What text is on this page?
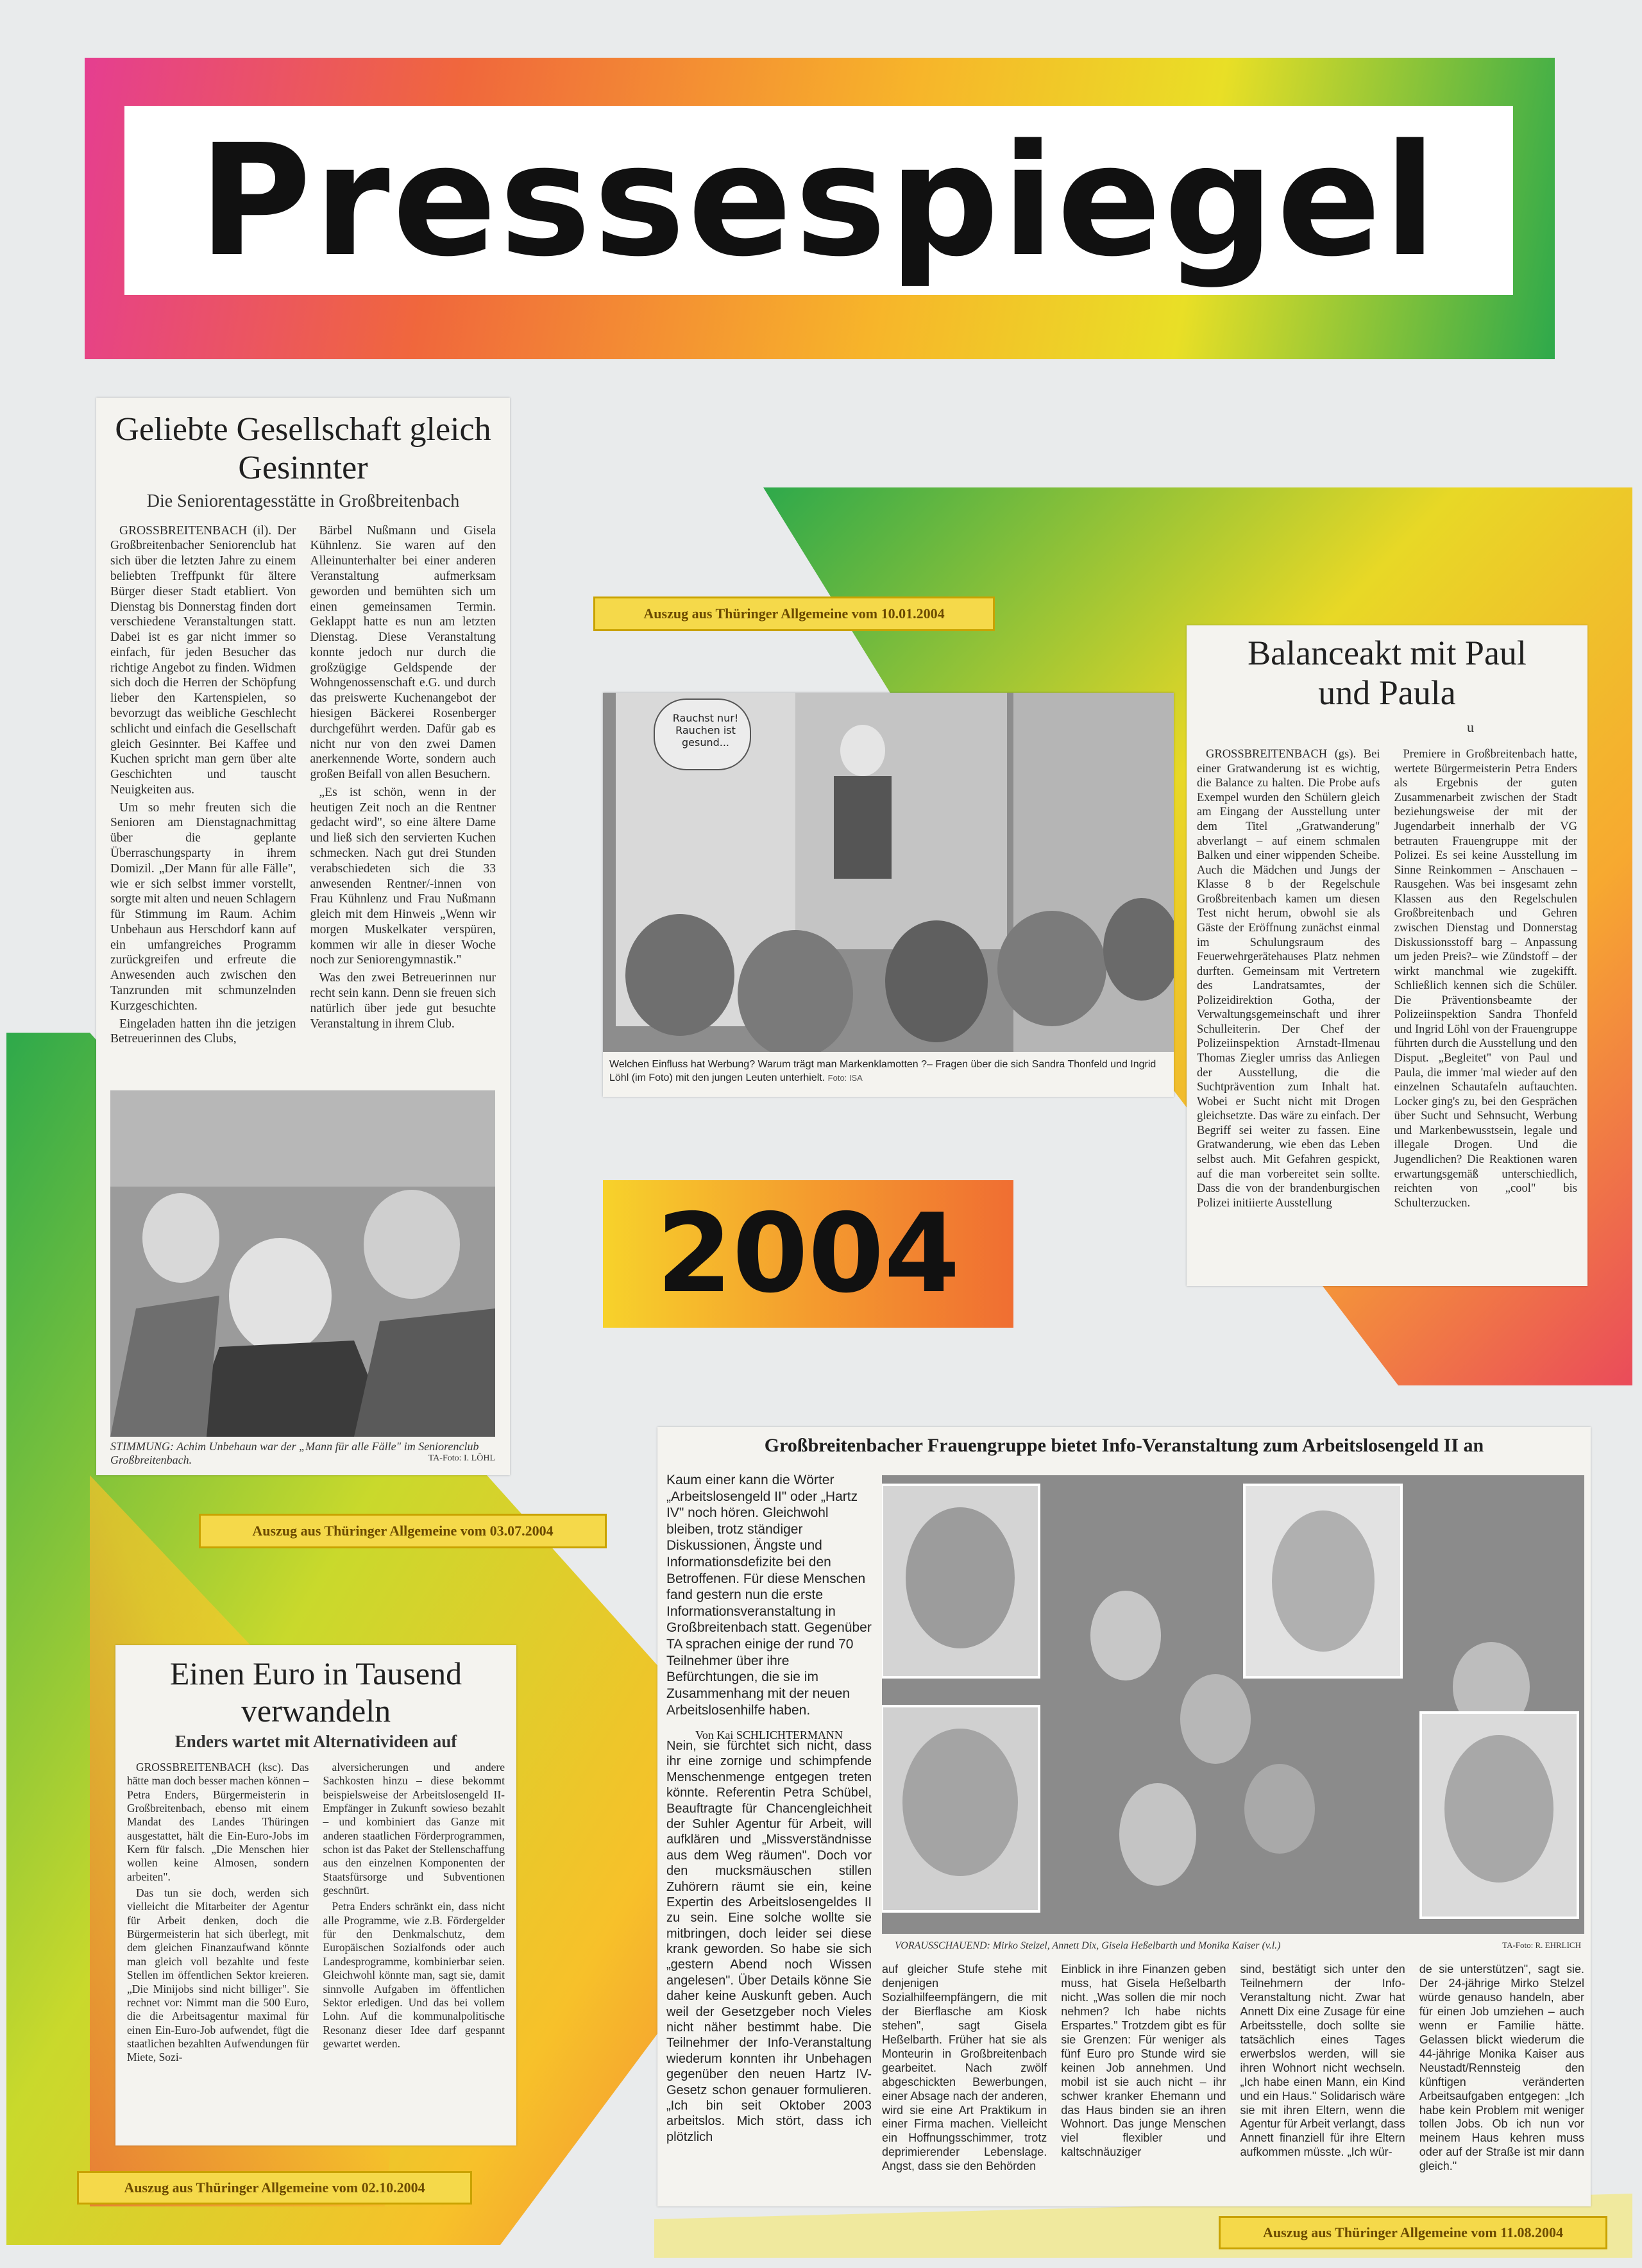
Pressespiegel
Geliebte Gesellschaft gleich Gesinnter
Die Seniorentagesstätte in Großbreitenbach

GROSSBREITENBACH (il). Der Großbreitenbacher Seniorenclub hat sich über die letzten Jahre zu einem beliebten Treffpunkt für ältere Bürger dieser Stadt etabliert. Von Dienstag bis Donnerstag finden dort verschiedene Veranstaltungen statt. Dabei ist es gar nicht immer so einfach, für jeden Besucher das richtige Angebot zu finden. Widmen sich doch die Herren der Schöpfung lieber den Kartenspielen, so bevorzugt das weibliche Geschlecht schlicht und einfach die Gesellschaft gleich Gesinnter. Bei Kaffee und Kuchen spricht man gern über alte Geschichten und tauscht Neuigkeiten aus.

Um so mehr freuten sich die Senioren am Dienstagnachmittag über die geplante Überraschungsparty in ihrem Domizil. „Der Mann für alle Fälle", wie er sich selbst immer vorstellt, sorgte mit alten und neuen Schlagern für Stimmung im Raum. Achim Unbehaun aus Herschdorf kann auf ein umfangreiches Programm zurückgreifen und erfreute die Anwesenden auch zwischen den Tanzrunden mit schmunzelnden Kurzgeschichten.

Eingeladen hatten ihn die jetzigen Betreuerinnen des Clubs,

Bärbel Nußmann und Gisela Kühnlenz. Sie waren auf den Alleinunterhalter bei einer anderen Veranstaltung aufmerksam geworden und bemühten sich um einen gemeinsamen Termin. Geklappt hatte es nun am letzten Dienstag. Diese Veranstaltung konnte jedoch nur durch die großzügige Geldspende der Wohngenossenschaft e.G. und durch das preiswerte Kuchenangebot der hiesigen Bäckerei Rosenberger durchgeführt werden. Dafür gab es nicht nur von den zwei Damen anerkennende Worte, sondern auch großen Beifall von allen Besuchern.

„Es ist schön, wenn in der heutigen Zeit noch an die Rentner gedacht wird", so eine ältere Dame und ließ sich den servierten Kuchen schmecken. Nach gut drei Stunden verabschiedeten sich die 33 anwesenden Rentner/-innen von Frau Kühnlenz und Frau Nußmann gleich mit dem Hinweis „Wenn wir morgen Muskelkater verspüren, kommen wir alle in dieser Woche noch zur Seniorengymnastik."

Was den zwei Betreuerinnen nur recht sein kann. Denn sie freuen sich natürlich über jede gut besuchte Veranstaltung in ihrem Club.

STIMMUNG: Achim Unbehaun war der „Mann für alle Fälle" im Seniorenclub Großbreitenbach.	TA-Foto: I. LÖHL
Auszug aus Thüringer Allgemeine vom 03.07.2004
Auszug aus Thüringer Allgemeine vom 10.01.2004
Rauchst nur! Rauchen ist gesund...
Welchen Einfluss hat Werbung? Warum trägt man Markenklamotten ?– Fragen über die sich Sandra Thonfeld und Ingrid Löhl (im Foto) mit den jungen Leuten unterhielt. Foto: ISA
Balanceakt mit Paul und Paula
u

GROSSBREITENBACH (gs). Bei einer Gratwanderung ist es wichtig, die Balance zu halten. Die Probe aufs Exempel wurden den Schülern gleich am Eingang der Ausstellung unter dem Titel „Gratwanderung" abverlangt – auf einem schmalen Balken und einer wippenden Scheibe. Auch die Mädchen und Jungs der Klasse 8 b der Regelschule Großbreitenbach kamen um diesen Test nicht herum, obwohl sie als Gäste der Eröffnung zunächst einmal im Schulungsraum des Feuerwehrgerätehauses Platz nehmen durften. Gemeinsam mit Vertretern des Landratsamtes, der Polizeidirektion Gotha, der Verwaltungsgemeinschaft und ihrer Schulleiterin. Der Chef der Polizeiinspektion Arnstadt-Ilmenau Thomas Ziegler umriss das Anliegen der Ausstellung, die die Suchtprävention zum Inhalt hat. Wobei er Sucht nicht mit Drogen gleichsetzte. Das wäre zu einfach. Der Begriff sei weiter zu fassen. Eine Gratwanderung, wie eben das Leben selbst auch. Mit Gefahren gespickt, auf die man vorbereitet sein sollte. Dass die von der brandenburgischen Polizei initiierte Ausstellung

Premiere in Großbreitenbach hatte, wertete Bürgermeisterin Petra Enders als Ergebnis der guten Zusammenarbeit zwischen der Stadt beziehungsweise der mit der Jugendarbeit innerhalb der VG betrauten Frauengruppe mit der Polizei. Es sei keine Ausstellung im Sinne Reinkommen – Anschauen – Rausgehen. Was bei insgesamt zehn Klassen aus den Regelschulen Großbreitenbach und Gehren zwischen Dienstag und Donnerstag Diskussionsstoff barg – Anpassung um jeden Preis?– wie Zündstoff – der wirkt manchmal wie zugekifft. Schließlich kennen sich die Schüler. Die Präventionsbeamte der Polizeiinspektion Sandra Thonfeld und Ingrid Löhl von der Frauengruppe führten durch die Ausstellung und den Disput. „Begleitet" von Paul und Paula, die immer 'mal wieder auf den einzelnen Schautafeln auftauchten. Locker ging's zu, bei den Gesprächen über Sucht und Sehnsucht, Werbung und Markenbewusstsein, legale und illegale Drogen. Und die Jugendlichen? Die Reaktionen waren erwartungsgemäß unterschiedlich, reichten von „cool" bis Schulterzucken.

2004
Einen Euro in Tausend verwandeln
Enders wartet mit Alternativideen auf

GROSSBREITENBACH (ksc). Das hätte man doch besser machen können – Petra Enders, Bürgermeisterin in Großbreitenbach, ebenso mit einem Mandat des Landes Thüringen ausgestattet, hält die Ein-Euro-Jobs im Kern für falsch. „Die Menschen hier wollen keine Almosen, sondern arbeiten".

Das tun sie doch, werden sich vielleicht die Mitarbeiter der Agentur für Arbeit denken, doch die Bürgermeisterin hat sich überlegt, mit dem gleichen Finanzaufwand könnte man gleich voll bezahlte und feste Stellen im öffentlichen Sektor kreieren. „Die Minijobs sind nicht billiger". Sie rechnet vor: Nimmt man die 500 Euro, die die Arbeitsagentur maximal für einen Ein-Euro-Job aufwendet, fügt die staatlichen bezahlten Aufwendungen für Miete, Sozi-

alversicherungen und andere Sachkosten hinzu – diese bekommt beispielsweise der Arbeitslosengeld II-Empfänger in Zukunft sowieso bezahlt – und kombiniert das Ganze mit anderen staatlichen Förderprogrammen, schon ist das Paket der Stellenschaffung aus den einzelnen Komponenten der Staatsfürsorge und Subventionen geschnürt.

Petra Enders schränkt ein, dass nicht alle Programme, wie z.B. Fördergelder für den Denkmalschutz, dem Europäischen Sozialfonds oder auch Landesprogramme, kombinierbar seien. Gleichwohl könnte man, sagt sie, damit sinnvolle Aufgaben im öffentlichen Sektor erledigen. Und das bei vollem Lohn. Auf die kommunalpolitische Resonanz dieser Idee darf gespannt gewartet werden.

Auszug aus Thüringer Allgemeine vom 02.10.2004
Großbreitenbacher Frauengruppe bietet Info-Veranstaltung zum Arbeitslosengeld II an
Kaum einer kann die Wörter „Arbeitslosengeld II" oder „Hartz IV" noch hören. Gleichwohl bleiben, trotz ständiger Diskussionen, Ängste und Informationsdefizite bei den Betroffenen. Für diese Menschen fand gestern nun die erste Informationsveranstaltung in Großbreitenbach statt. Gegenüber TA sprachen einige der rund 70 Teilnehmer über ihre Befürchtungen, die sie im Zusammenhang mit der neuen Arbeitslosenhilfe haben.
Von Kai SCHLICHTERMANN
VORAUSSCHAUEND: Mirko Stelzel, Annett Dix, Gisela Heßelbarth und Monika Kaiser (v.l.)	TA-Foto: R. EHRLICH
Nein, sie fürchtet sich nicht, dass ihr eine zornige und schimpfende Menschenmenge entgegen treten könnte. Referentin Petra Schübel, Beauftragte für Chancengleichheit der Suhler Agentur für Arbeit, will aufklären und „Missverständnisse aus dem Weg räumen". Doch vor den mucksmäuschen stillen Zuhörern räumt sie ein, keine Expertin des Arbeitslosengeldes II zu sein. Eine solche wollte sie mitbringen, doch leider sei diese krank geworden. So habe sie sich „gestern Abend noch Wissen angelesen". Über Details könne Sie daher keine Auskunft geben. Auch weil der Gesetzgeber noch Vieles nicht näher bestimmt habe. Die Teilnehmer der Info-Veranstaltung wiederum konnten ihr Unbehagen gegenüber den neuen Hartz IV-Gesetz schon genauer formulieren. „Ich bin seit Oktober 2003 arbeitslos. Mich stört, dass ich plötzlich
auf gleicher Stufe stehe mit denjenigen Sozialhilfeempfängern, die mit der Bierflasche am Kiosk stehen", sagt Gisela Heßelbarth. Früher hat sie als Monteurin in Großbreitenbach gearbeitet. Nach zwölf abgeschickten Bewerbungen, einer Absage nach der anderen, wird sie eine Art Praktikum in einer Firma machen. Vielleicht ein Hoffnungsschimmer, trotz deprimierender Lebenslage. Angst, dass sie den Behörden
Einblick in ihre Finanzen geben muss, hat Gisela Heßelbarth nicht. „Was sollen die mir noch nehmen? Ich habe nichts Erspartes." Trotzdem gibt es für sie Grenzen: Für weniger als fünf Euro pro Stunde wird sie keinen Job annehmen. Und mobil ist sie auch nicht – ihr schwer kranker Ehemann und das Haus binden sie an ihren Wohnort. Das junge Menschen viel flexibler und kaltschnäuziger
sind, bestätigt sich unter den Teilnehmern der Info-Veranstaltung nicht. Zwar hat Annett Dix eine Zusage für eine Arbeitsstelle, doch sollte sie tatsächlich eines Tages erwerbslos werden, will sie ihren Wohnort nicht wechseln. „Ich habe einen Mann, ein Kind und ein Haus." Solidarisch wäre sie mit ihren Eltern, wenn die Agentur für Arbeit verlangt, dass Annett finanziell für ihre Eltern aufkommen müsste. „Ich wür-
de sie unterstützen", sagt sie. Der 24-jährige Mirko Stelzel würde genauso handeln, aber für einen Job umziehen – auch wenn er Familie hätte. Gelassen blickt wiederum die 44-jährige Monika Kaiser aus Neustadt/Rennsteig den künftigen veränderten Arbeitsaufgaben entgegen: „Ich habe kein Problem mit weniger tollen Jobs. Ob ich nun vor meinem Haus kehren muss oder auf der Straße ist mir dann gleich."
Auszug aus Thüringer Allgemeine vom 11.08.2004
